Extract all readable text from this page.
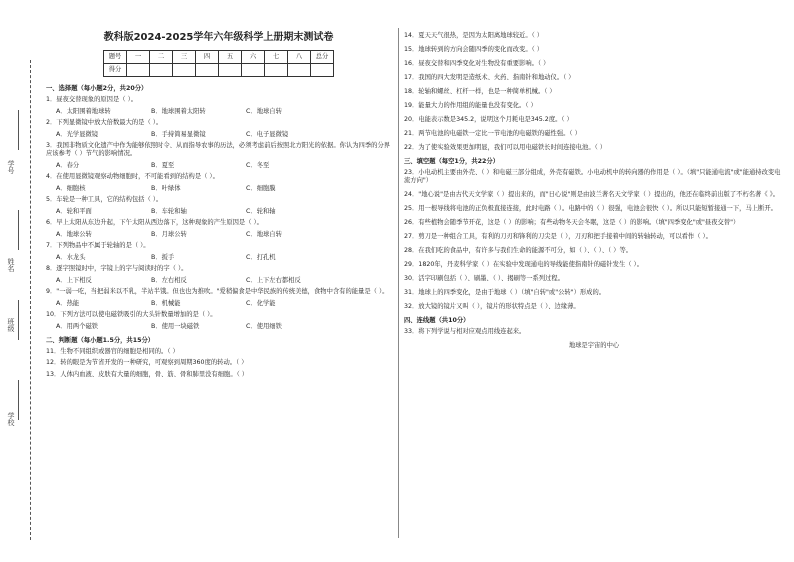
学号
姓名
班级
学校
教科版2024-2025学年六年级科学上册期末测试卷
题号	一	二	三	四	五	六	七	八	总分
得分									
一、选择题（每小题2分，共20分）
1．昼夜交替现象的原因是（ ）。
A．太阳围着地球转	B．地球围着太阳转	C．地球自转
2．下列显微镜中放大倍数最大的是（ ）。
A．光学显微镜	B．手持简易显微镜	C．电子显微镜
3．我国非物质文化遗产中作为能够依照时令、从而指导农事的历法，必须考虑前后按照北方阳光的依据。你认为四季的分界应该参考（ ）节气的影响情况。
A．春分	B．夏至	C．冬至
4．在使用显微镜观察动物细胞时，不可能看到的结构是（ ）。
A．细胞核	B．叶绿体	C．细胞膜
5．车轮是一种工具，它的结构包括（ ）。
A．轮和平面	B．车轮和轴	C．轮和轴
6．早上太阳从东边升起，下午太阳从西边落下，这种现象的产生原因是（ ）。
A．地球公转	B．月球公转	C．地球自转
7．下列物品中不属于轮轴的是（ ）。
A．水龙头	B．扳手	C．打孔机
8．逐字照镜时中，字镜上的字与阅读时的字（ ）。
A．上下相反	B．左右相反	C．上下左右都相反
9．"一弱一吃，当把弱米以不乳，半站半饿。但也也为推吹。"爱稍偏食是中华民族的传统美德，食物中含有的能量是（ ）。
A．热能	B．机械能	C．化学能
10．下列方法可以使电磁铁吸引的大头针数量增加的是（ ）。
A．用两个磁铁	B．使用一块磁铁	C．使用细铁
二、判断题（每小题1.5分，共15分）
11．生物不同组织或器官的细胞是相同的。（ ）
12．转的眼是为节省开发的一种研究，可观察到周期360度的转动。（ ）
13．人体内血液、皮肤有大量的细胞，骨、筋、骨和肺里没有细胞。（ ）
14．夏天天气很热，是因为太阳离地球较近。（ ）
15．地球转到的方向会随四季的变化而改变。（ ）
16．昼夜交替和四季变化对生物没有重要影响。（ ）
17．我国的四大发明是造纸术、火药、指南针和地动仪。（ ）
18．轮轴和螺丝、杠杆一样，也是一种简单机械。（ ）
19．能量大力的作用组的能量也没有变化。（ ）
20．电能表示数是345.2，说明这个月耗电是345.2度。（ ）
21．两节电池的电磁铁一定比一节电池的电磁铁的磁性强。（ ）
22．为了使实验效果更加明显，我们可以用电磁铁长时间连接电池。（ ）
三、填空题（每空1分，共22分）
23．小电动机主要由外壳、（ ）和电磁三部分组成，外壳有磁铁。小电动机中的转向器的作用是（ ）。（填"只能通电流"或"能通持改变电流方向"）
24．"地心说"是由古代天文学家（ ）提出来的，而"日心说"则是由波兰著名天文学家（ ）提出的，他还在临终前出版了不朽名著《 》。
25．用一根导线将电池的正负极直接连接，此时电路（ ）。电路中的（ ）很强，电池会很快（ ）。所以只能短暂接通一下，马上断开。
26．有些植物会随季节开花，这是（ ）的影响；有些动物冬天会冬眠，这是（ ）的影响。（填"四季变化"或"昼夜交替"）
27．剪刀是一种组合工具，有利的刀刃和锋利的刀尖是（ ），刀刃和把手接着中间的转轴转动，可以看作（ ）。
28．在我们吃的食品中，有许多与我们生命的能源不可分，如（ ）、（ ）、（ ）等。
29．1820年，丹麦科学家（ ）在实验中发现通电的导线能使指南针的磁针发生（ ）。
30．活字印刷包括（ ）、刷墨、（ ）、揭刷等一系列过程。
31．地球上的四季变化，是由于地球（ ）（填"自转"或"公转"）形成的。
32．放大镜的镜片又叫（ ），镜片的形状特点是（ ）、边缘薄。
四、连线题（共10分）
33．将下列学说与相对应观点用线连起来。
地球是宇宙的中心
